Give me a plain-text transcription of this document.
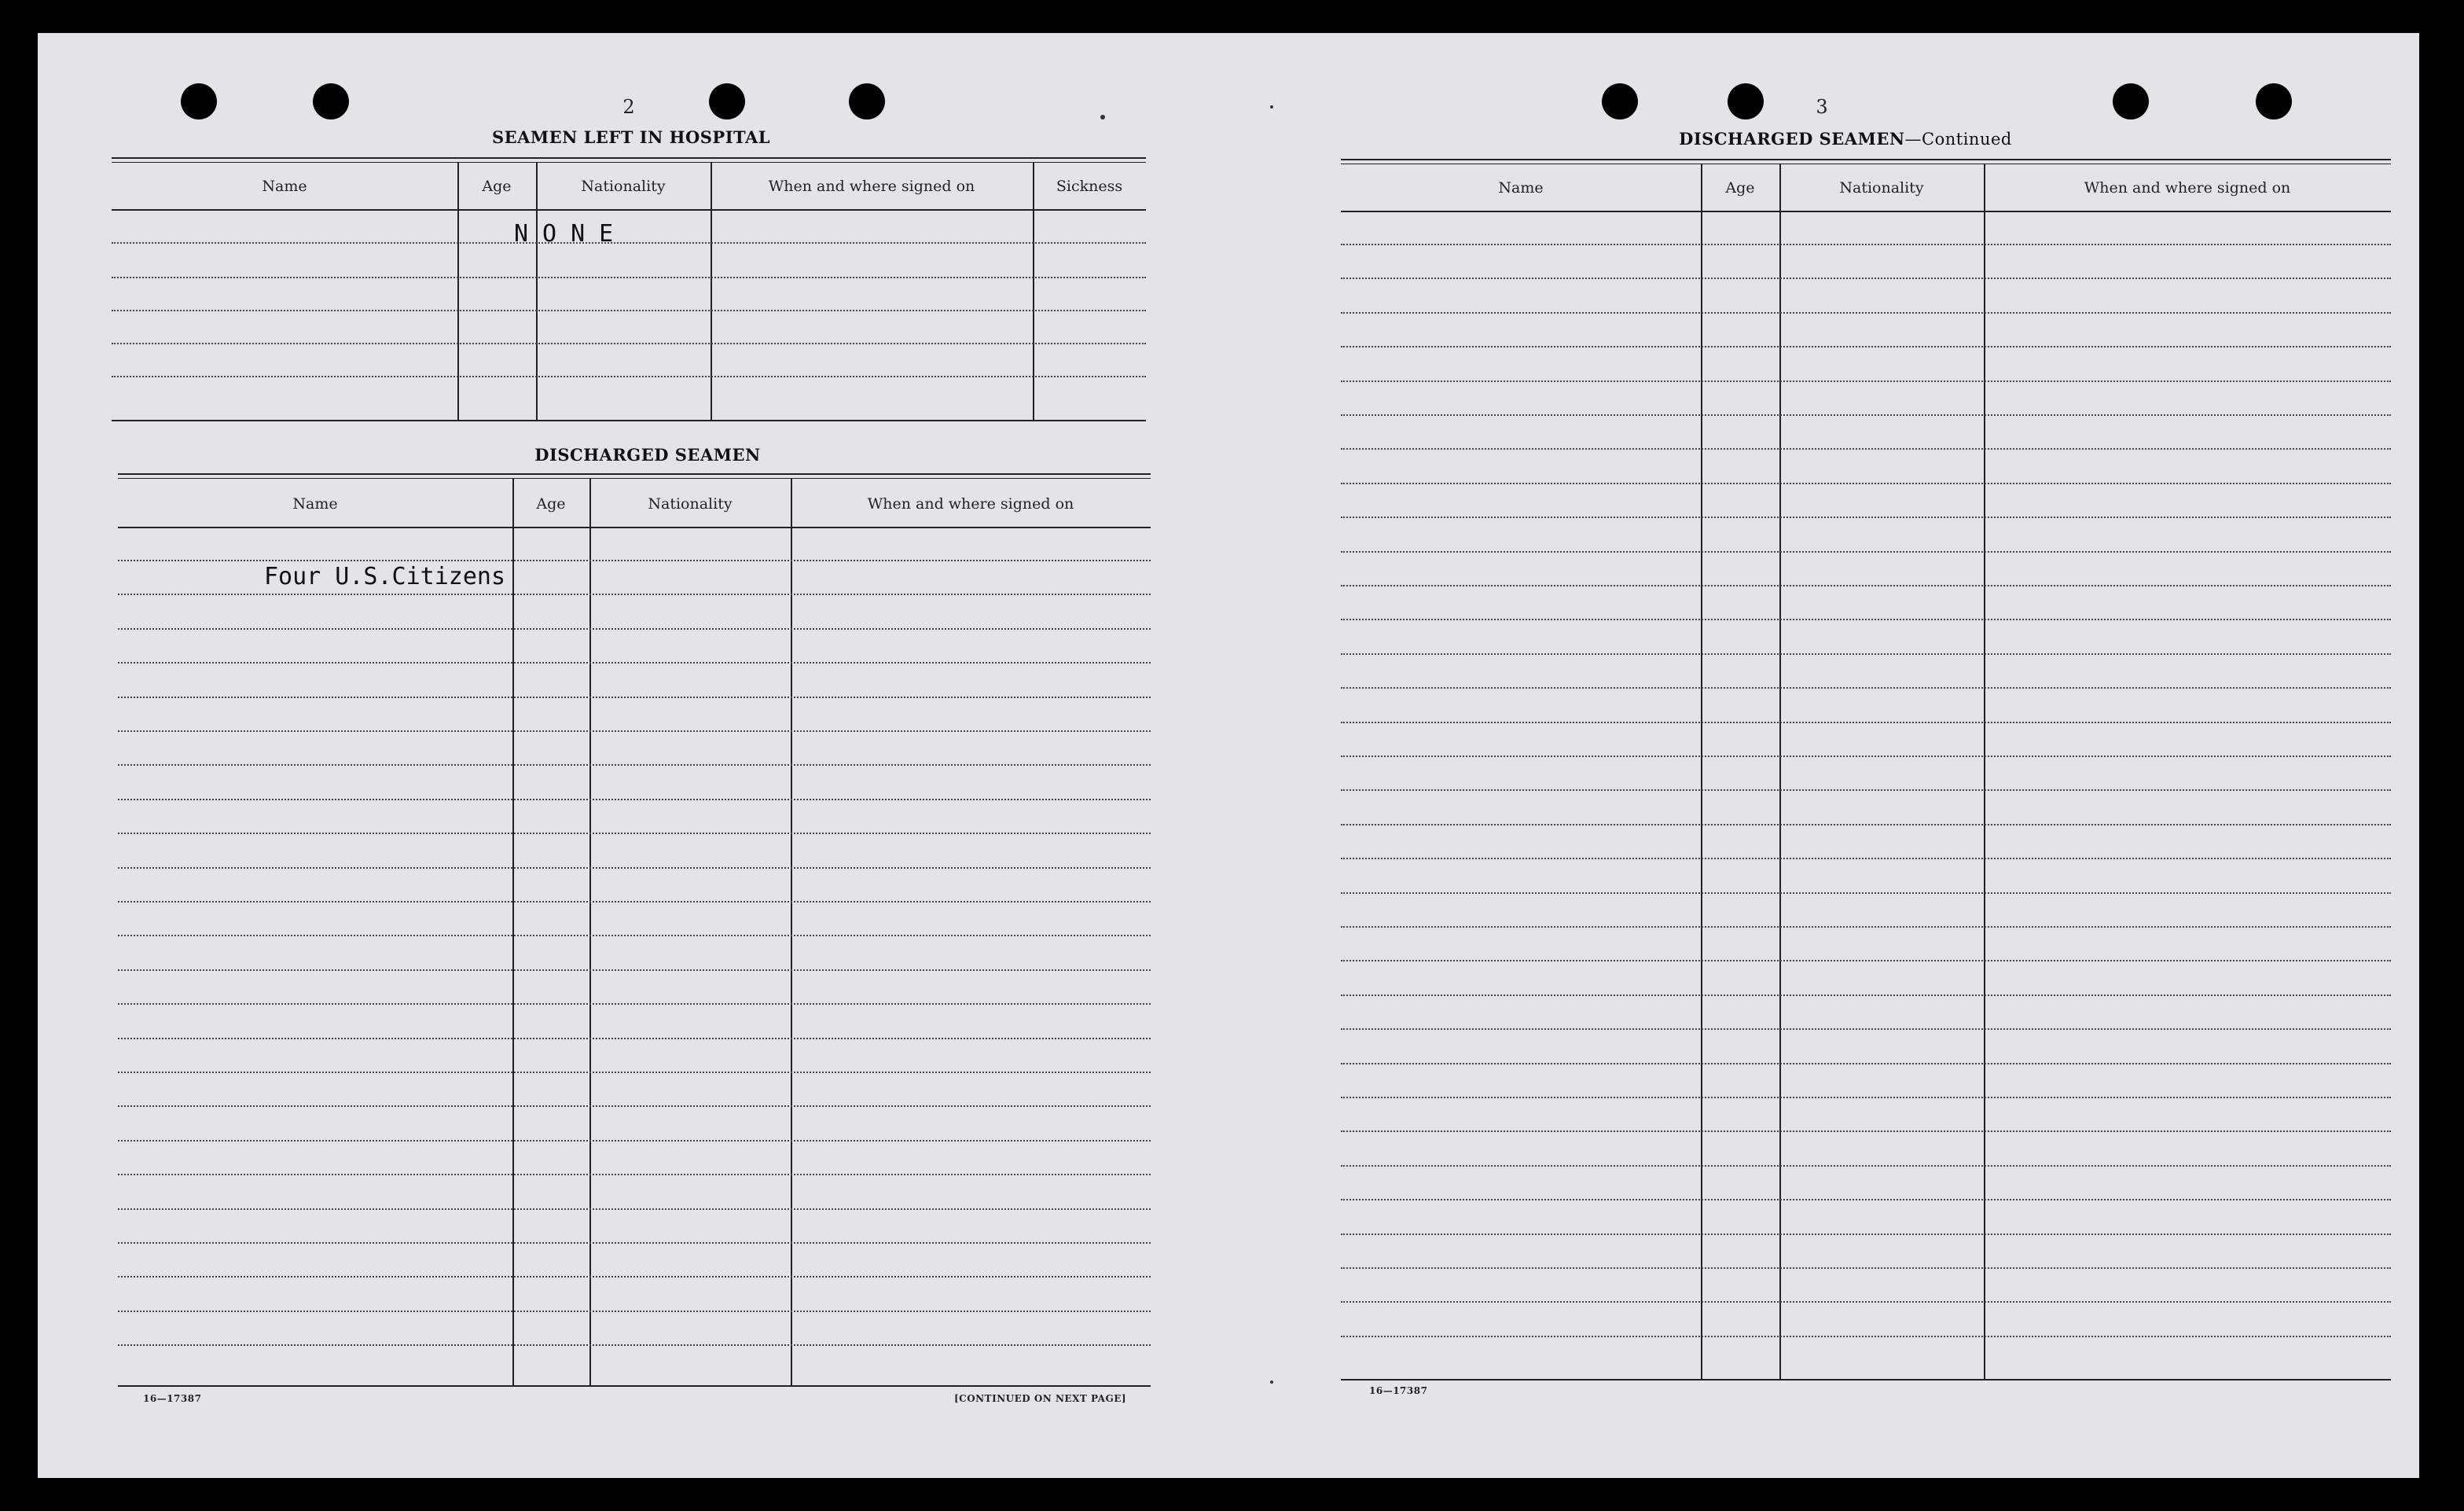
2
SEAMEN LEFT IN HOSPITAL
Name	Age	Nationality	When and where signed on	Sickness
NONE
DISCHARGED SEAMEN
Name	Age	Nationality	When and where signed on
Four U.S.Citizens
16—17387	[CONTINUED ON NEXT PAGE]
3
DISCHARGED SEAMEN—Continued
Name	Age	Nationality	When and where signed on
16—17387
